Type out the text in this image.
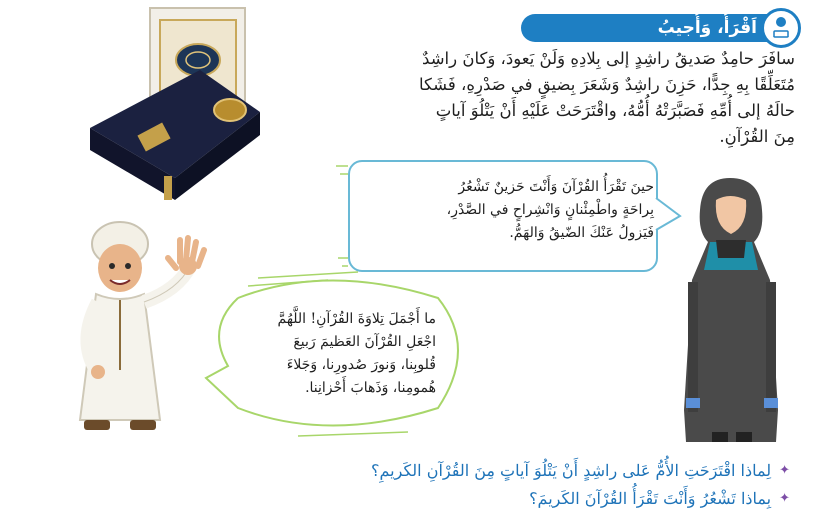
اَقْرَأُ، وَأُجيبُ

سافَرَ حامِدٌ صَديقُ راشِدٍ إلى بِلادِهِ وَلَنْ يَعودَ، وَكانَ راشِدٌ

مُتَعَلِّقًا بِهِ جِدًّا، حَزِنَ راشِدٌ وَشَعَرَ بِضيقٍ في صَدْرِهِ، فَشَكا

حالَهُ إلى أُمِّهِ فَصَبَّرَتْهُ أُمُّهُ، واقْتَرَحَتْ عَلَيْهِ أَنْ يَتْلُوَ آياتٍ

مِنَ القُرْآنِ.

حينَ تَقْرَأُ القُرْآنَ وَأَنْتَ حَزينٌ تَشْعُرُ
بِراحَةٍ واطْمِئْنانٍ وَانْشِراحٍ في الصَّدْرِ،
فَيَزولُ عَنْكَ الضّيقُ وَالهَمُّ.
ما أَجْمَلَ تِلاوَةَ القُرْآنِ! اللَّهُمَّ
اجْعَلِ القُرْآنَ العَظيمَ رَبيعَ
قُلوبِنا، وَنورَ صُدورِنا، وَجَلاءَ
هُمومِنا، وَذَهابَ أَحْزانِنا.
✦
لِماذا اقْتَرَحَتِ الأُمُّ عَلى راشِدٍ أَنْ يَتْلُوَ آياتٍ مِنَ القُرْآنِ الكَريمِ؟
✦
بِماذا تَشْعُرُ وَأَنْتَ تَقْرَأُ القُرْآنَ الكَريمَ؟
